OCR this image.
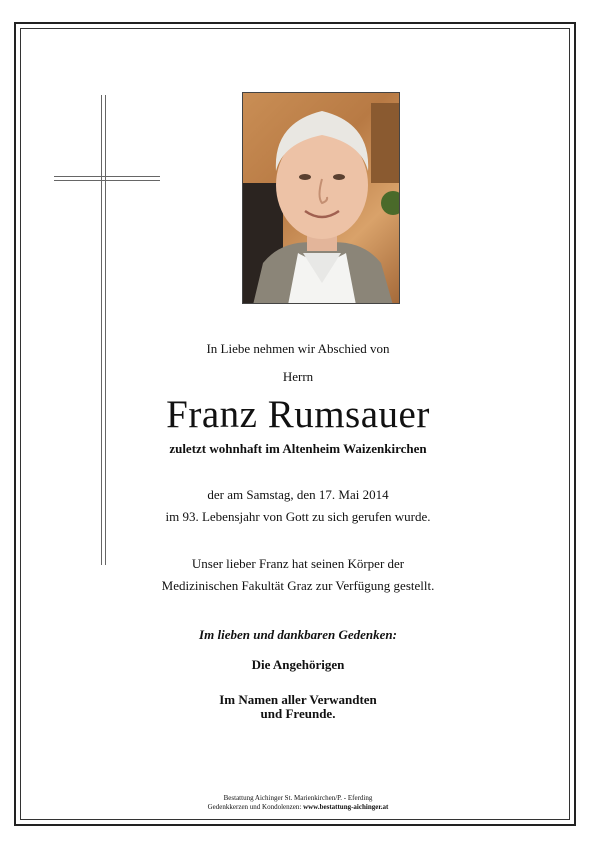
In Liebe nehmen wir Abschied von
Herrn
Franz Rumsauer
zuletzt wohnhaft im Altenheim Waizenkirchen
der am Samstag, den 17. Mai 2014
im 93. Lebensjahr von Gott zu sich gerufen wurde.
Unser lieber Franz hat seinen Körper der
Medizinischen Fakultät Graz zur Verfügung gestellt.
Im lieben und dankbaren Gedenken:
Die Angehörigen
Im Namen aller Verwandten
und Freunde.
Bestattung Aichinger St. Marienkirchen/P. - Eferding
Gedenkkerzen und Kondolenzen: www.bestattung-aichinger.at
